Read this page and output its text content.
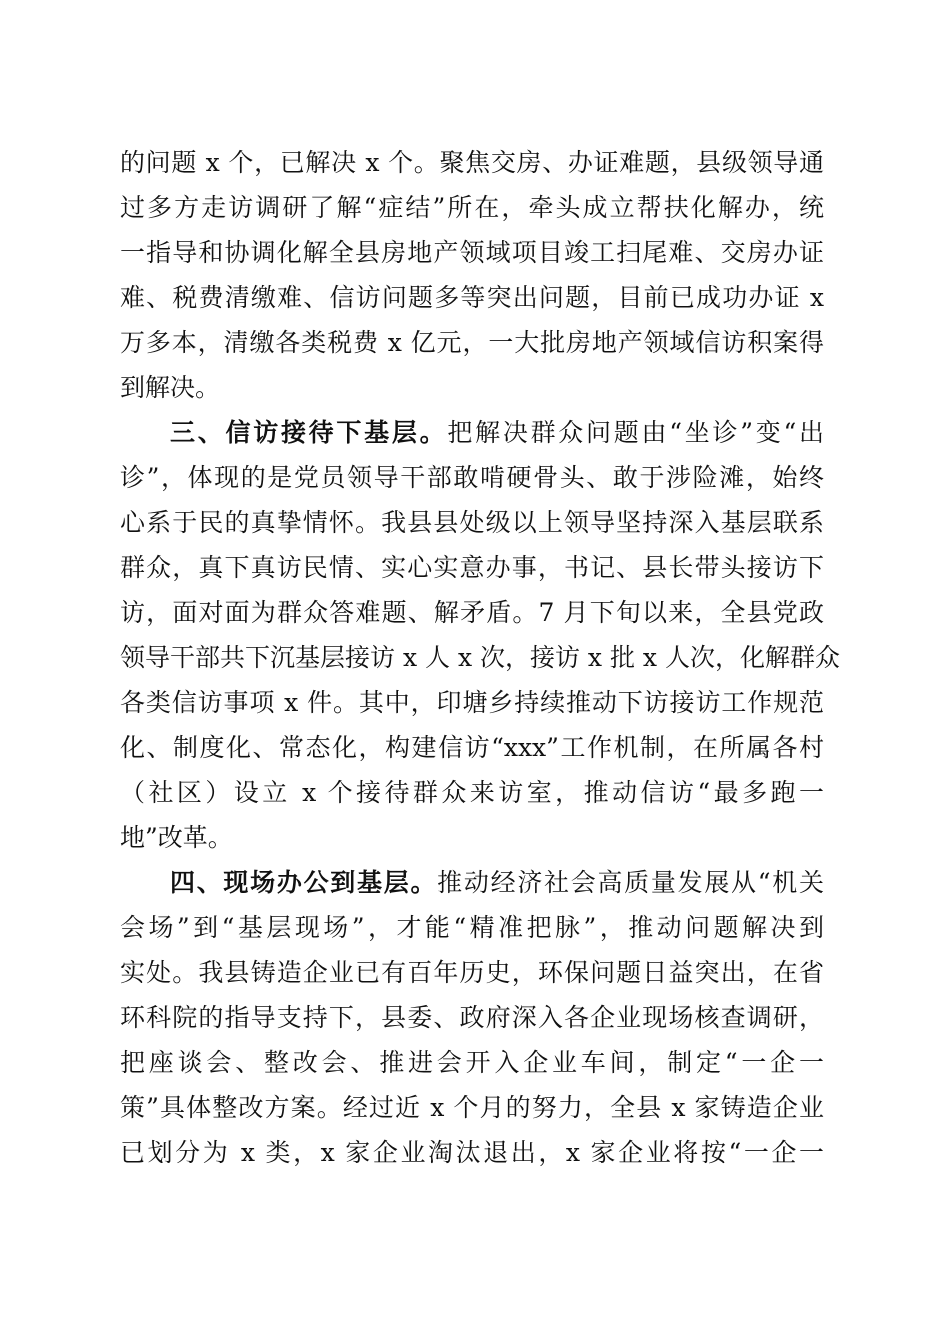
的问题 x 个，已解决 x 个。聚焦交房、办证难题，县级领导通
过多方走访调研了解“症结”所在，牵头成立帮扶化解办，统
一指导和协调化解全县房地产领域项目竣工扫尾难、交房办证
难、税费清缴难、信访问题多等突出问题，目前已成功办证 x
万多本，清缴各类税费 x 亿元，一大批房地产领域信访积案得
到解决。
三、信访接待下基层。把解决群众问题由“坐诊”变“出
诊”，体现的是党员领导干部敢啃硬骨头、敢于涉险滩，始终
心系于民的真挚情怀。我县县处级以上领导坚持深入基层联系
群众，真下真访民情、实心实意办事，书记、县长带头接访下
访，面对面为群众答难题、解矛盾。7 月下旬以来，全县党政
领导干部共下沉基层接访 x 人 x 次，接访 x 批 x 人次，化解群众
各类信访事项 x 件。其中，印塘乡持续推动下访接访工作规范
化、制度化、常态化，构建信访“xxx”工作机制，在所属各村
（社区）设立 x 个接待群众来访室，推动信访“最多跑一
地”改革。
四、现场办公到基层。推动经济社会高质量发展从“机关
会场”到“基层现场”，才能“精准把脉”，推动问题解决到
实处。我县铸造企业已有百年历史，环保问题日益突出，在省
环科院的指导支持下，县委、政府深入各企业现场核查调研，
把座谈会、整改会、推进会开入企业车间，制定“一企一
策”具体整改方案。经过近 x 个月的努力，全县 x 家铸造企业
已划分为 x 类，x 家企业淘汰退出，x 家企业将按“一企一
